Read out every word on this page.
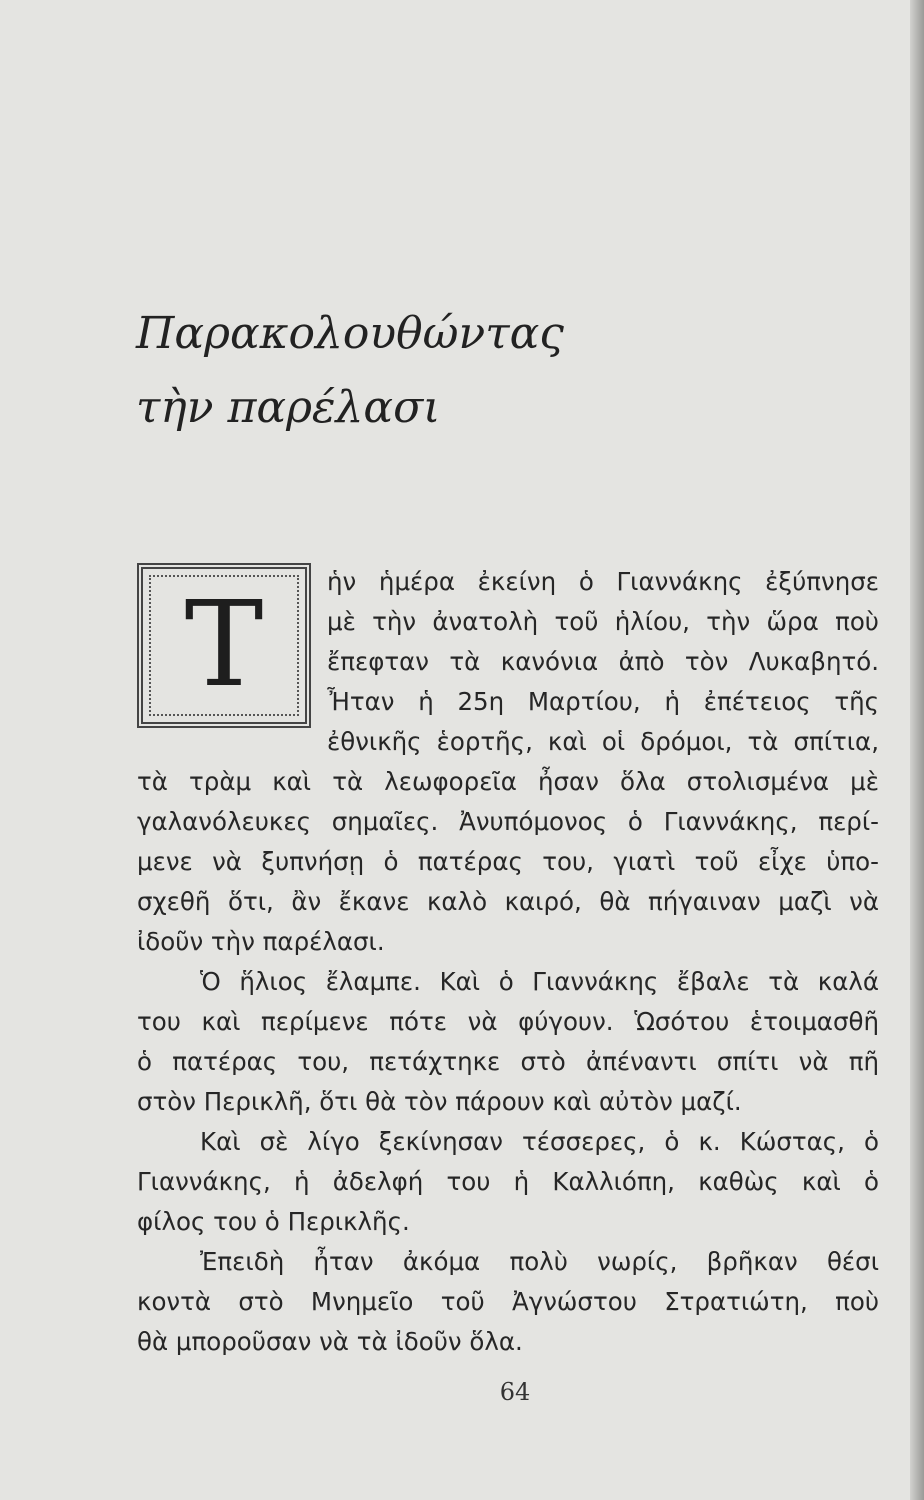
Παρακολουθώντας
τὴν παρέλασι
T	ἡν ἡμέρα ἐκείνη ὁ Γιαννάκης ἐξύπνησε
μὲ τὴν ἀνατολὴ τοῦ ἡλίου, τὴν ὥρα ποὺ
ἔπεφταν τὰ κανόνια ἀπὸ τὸν Λυκαβητό.
Ἦταν ἡ 25η Μαρτίου, ἡ ἐπέτειος τῆς
ἐθνικῆς ἑορτῆς, καὶ οἱ δρόμοι, τὰ σπίτια,
τὰ τρὰμ καὶ τὰ λεωφορεῖα ἦσαν ὅλα στολισμένα μὲ
γαλανόλευκες σημαῖες. Ἀνυπόμονος ὁ Γιαννάκης, περί-
μενε νὰ ξυπνήσῃ ὁ πατέρας του, γιατὶ τοῦ εἶχε ὑπο-
σχεθῆ ὅτι, ἂν ἔκανε καλὸ καιρό, θὰ πήγαιναν μαζὶ νὰ
ἰδοῦν τὴν παρέλασι.
Ὁ ἥλιος ἔλαμπε. Καὶ ὁ Γιαννάκης ἔβαλε τὰ καλά
του καὶ περίμενε πότε νὰ φύγουν. Ὡσότου ἑτοιμασθῆ
ὁ πατέρας του, πετάχτηκε στὸ ἀπέναντι σπίτι νὰ πῆ
στὸν Περικλῆ, ὅτι θὰ τὸν πάρουν καὶ αὐτὸν μαζί.
Καὶ σὲ λίγο ξεκίνησαν τέσσερες, ὁ κ. Κώστας, ὁ
Γιαννάκης, ἡ ἀδελφή του ἡ Καλλιόπη, καθὼς καὶ ὁ
φίλος του ὁ Περικλῆς.
Ἐπειδὴ ἦταν ἀκόμα πολὺ νωρίς, βρῆκαν θέσι
κοντὰ στὸ Μνημεῖο τοῦ Ἀγνώστου Στρατιώτη, ποὺ
θὰ μποροῦσαν νὰ τὰ ἰδοῦν ὅλα.
64
